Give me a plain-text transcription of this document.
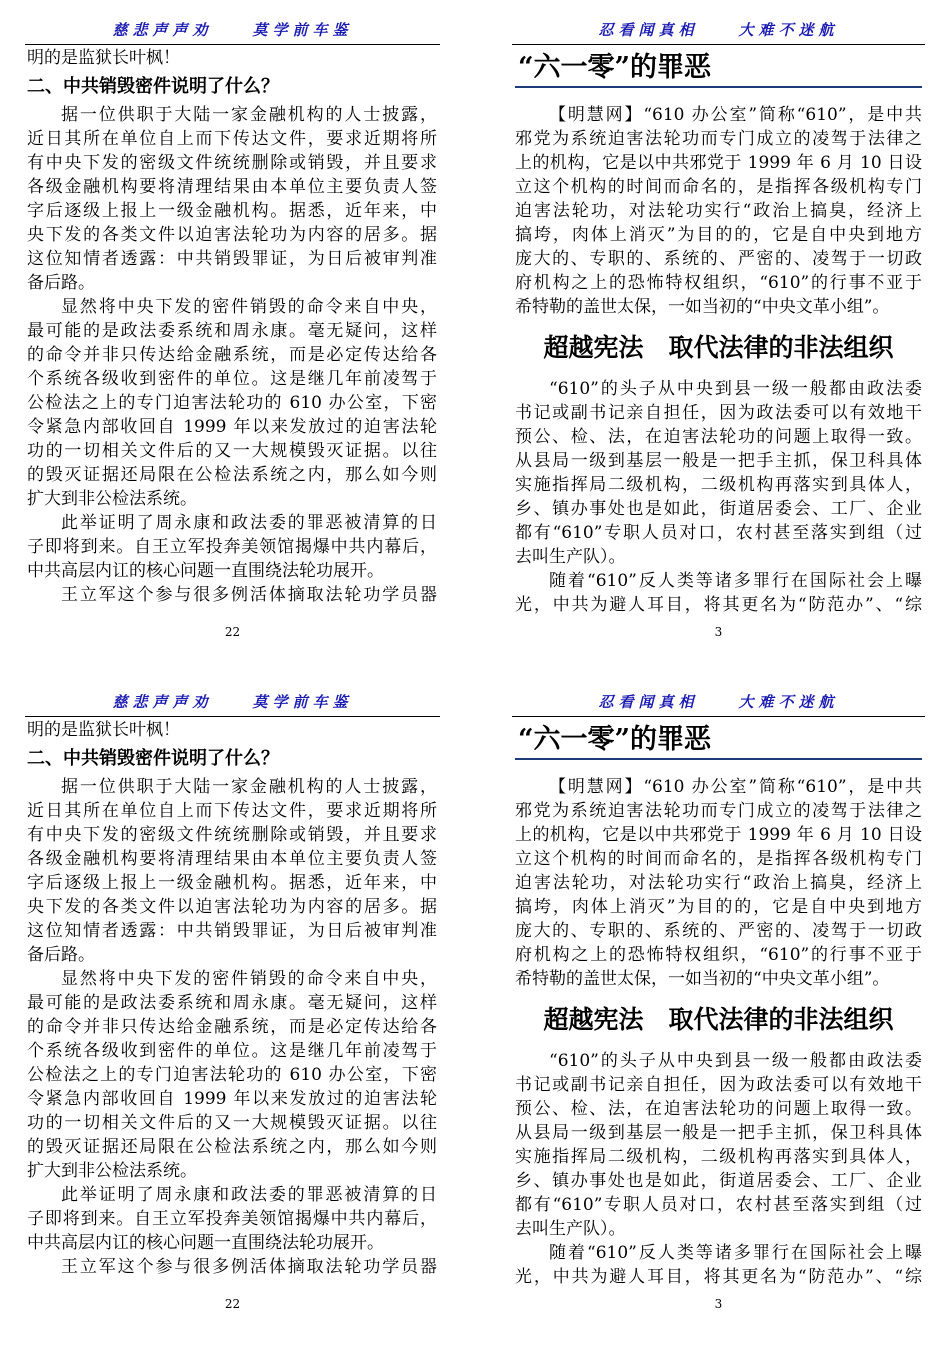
慈悲声声劝　　莫学前车鉴
明的是监狱长叶枫！
二、中共销毁密件说明了什么？
据一位供职于大陆一家金融机构的人士披露，
近日其所在单位自上而下传达文件，要求近期将所
有中央下发的密级文件统统删除或销毁，并且要求
各级金融机构要将清理结果由本单位主要负责人签
字后逐级上报上一级金融机构。据悉，近年来，中
央下发的各类文件以迫害法轮功为内容的居多。据
这位知情者透露：中共销毁罪证，为日后被审判准
备后路。
显然将中央下发的密件销毁的命令来自中央，
最可能的是政法委系统和周永康。毫无疑问，这样
的命令并非只传达给金融系统，而是必定传达给各
个系统各级收到密件的单位。这是继几年前凌驾于
公检法之上的专门迫害法轮功的 610 办公室，下密
令紧急内部收回自 1999 年以来发放过的迫害法轮
功的一切相关文件后的又一大规模毁灭证据。以往
的毁灭证据还局限在公检法系统之内，那么如今则
扩大到非公检法系统。
此举证明了周永康和政法委的罪恶被清算的日
子即将到来。自王立军投奔美领馆揭爆中共内幕后，
中共高层内讧的核心问题一直围绕法轮功展开。
王立军这个参与很多例活体摘取法轮功学员器
22
忍看闻真相　　大难不迷航
“六一零”的罪恶
【明慧网】“610 办公室”简称“610”，是中共
邪党为系统迫害法轮功而专门成立的凌驾于法律之
上的机构，它是以中共邪党于 1999 年 6 月 10 日设
立这个机构的时间而命名的，是指挥各级机构专门
迫害法轮功，对法轮功实行“政治上搞臭，经济上
搞垮，肉体上消灭”为目的的，它是自中央到地方
庞大的、专职的、系统的、严密的、凌驾于一切政
府机构之上的恐怖特权组织，“610”的行事不亚于
希特勒的盖世太保，一如当初的“中央文革小组”。
超越宪法　取代法律的非法组织
“610”的头子从中央到县一级一般都由政法委
书记或副书记亲自担任，因为政法委可以有效地干
预公、检、法，在迫害法轮功的问题上取得一致。
从县局一级到基层一般是一把手主抓，保卫科具体
实施指挥局二级机构，二级机构再落实到具体人，
乡、镇办事处也是如此，街道居委会、工厂、企业
都有“610”专职人员对口，农村甚至落实到组（过
去叫生产队）。
随着“610”反人类等诸多罪行在国际社会上曝
光，中共为避人耳目，将其更名为“防范办”、“综
3
慈悲声声劝　　莫学前车鉴
明的是监狱长叶枫！
二、中共销毁密件说明了什么？
据一位供职于大陆一家金融机构的人士披露，
近日其所在单位自上而下传达文件，要求近期将所
有中央下发的密级文件统统删除或销毁，并且要求
各级金融机构要将清理结果由本单位主要负责人签
字后逐级上报上一级金融机构。据悉，近年来，中
央下发的各类文件以迫害法轮功为内容的居多。据
这位知情者透露：中共销毁罪证，为日后被审判准
备后路。
显然将中央下发的密件销毁的命令来自中央，
最可能的是政法委系统和周永康。毫无疑问，这样
的命令并非只传达给金融系统，而是必定传达给各
个系统各级收到密件的单位。这是继几年前凌驾于
公检法之上的专门迫害法轮功的 610 办公室，下密
令紧急内部收回自 1999 年以来发放过的迫害法轮
功的一切相关文件后的又一大规模毁灭证据。以往
的毁灭证据还局限在公检法系统之内，那么如今则
扩大到非公检法系统。
此举证明了周永康和政法委的罪恶被清算的日
子即将到来。自王立军投奔美领馆揭爆中共内幕后，
中共高层内讧的核心问题一直围绕法轮功展开。
王立军这个参与很多例活体摘取法轮功学员器
22
忍看闻真相　　大难不迷航
“六一零”的罪恶
【明慧网】“610 办公室”简称“610”，是中共
邪党为系统迫害法轮功而专门成立的凌驾于法律之
上的机构，它是以中共邪党于 1999 年 6 月 10 日设
立这个机构的时间而命名的，是指挥各级机构专门
迫害法轮功，对法轮功实行“政治上搞臭，经济上
搞垮，肉体上消灭”为目的的，它是自中央到地方
庞大的、专职的、系统的、严密的、凌驾于一切政
府机构之上的恐怖特权组织，“610”的行事不亚于
希特勒的盖世太保，一如当初的“中央文革小组”。
超越宪法　取代法律的非法组织
“610”的头子从中央到县一级一般都由政法委
书记或副书记亲自担任，因为政法委可以有效地干
预公、检、法，在迫害法轮功的问题上取得一致。
从县局一级到基层一般是一把手主抓，保卫科具体
实施指挥局二级机构，二级机构再落实到具体人，
乡、镇办事处也是如此，街道居委会、工厂、企业
都有“610”专职人员对口，农村甚至落实到组（过
去叫生产队）。
随着“610”反人类等诸多罪行在国际社会上曝
光，中共为避人耳目，将其更名为“防范办”、“综
3
